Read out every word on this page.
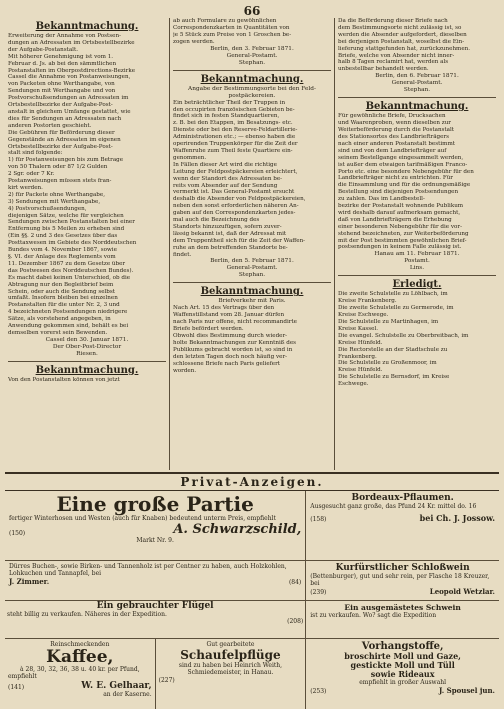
66
Bekanntmachung.
Erweiterung der Annahme von Postsen-
dungen an Adressaten im Ortsbestellbezirke
der Aufgabe-Postanstalt.
Mit höherer Genehmigung ist vom 1.
Februar d. Js. ab bei den sämmtlichen
Postanstalten im Oberpostdirections-Bezirke
Cassel die Annahme von Postanweisungen,
von Packeten ohne Werthangabe, von
Sendungen mit Werthangabe und von
Postvorschußsendungen an Adressaten im
Ortsbestellbezirke der Aufgabe-Post-
anstalt in gleichem Umfange gestattet, wie
dies für Sendungen an Adressaten nach
anderen Postorten geschieht.
Die Gebühren für Beförderung dieser
Gegenstände an Adressaten im eigenen
Ortsbestellbezirke der Aufgabe-Post-
stalt sind folgende:
1) für Postanweisungen bis zum Betrage
von 50 Thalern oder 87 1/2 Gulden
2 Sgr. oder 7 Kr.
Postanweisungen müssen stets fran-
kirt werden.
2) für Packete ohne Werthangabe,
3) Sendungen mit Werthangabe,
4) Postvorschußsendungen,
diejenigen Sätze, welche für vergleichen
Sendungen zwischen Postanstalten bei einer
Entfernung bis 5 Meilen zu erheben sind
(Ein §§. 2 und 3 des Gesetzes über das
Posttaxwesen im Gebiete des Norddeutschen
Bundes vom 4. November 1867, sowie
§. VI. der Anlage des Reglements vom
11. Dezember 1867 zu dem Gesetze über
das Postwesen des Norddeutschen Bundes).
Es macht dabei keinen Unterschied, ob die
Abtragung nur den Begleitbrief beim
Schein, oder auch die Sendung selbst
umfaßt. Insofern bleiben bei einzelnen
Postanstalten für die unter Nr. 2, 3 und
4 bezeichneten Postsendungen niedrigere
Sätze, als vorstehend angegeben, in
Anwendung gekommen sind, behält es bei
demselben vorerst sein Bewenden.
Cassel den 30. Januar 1871.
Der Ober-Post-Director
Riesen.
Bekanntmachung.
Von den Postanstalten können von jetzt
ab auch Formulare zu gewöhnlichen
Correspondenzkarten in Quantitäten von
je 5 Stück zum Preise von 1 Groschen be-
zogen werden.
Berlin, den 3. Februar 1871.
General-Postamt.
Stephan.
Bekanntmachung.
Angabe der Bestimmungsorte bei den Feld-
postpäckereien.
Ein beträchtlicher Theil der Truppen in
den occupirten französischen Gebieten be-
findet sich in festen Standquartieren,
z. B. bei den Etappen, im Besatzungs- etc.
Dienste oder bei den Reserve-Feldartillerie-
Administrationen etc.; — ebenso haben die
operirenden Truppenkörper für die Zeit der
Waffenruhe zum Theil feste Quartiere ein-
genommen.
In Fällen dieser Art wird die richtige
Leitung der Feldpostpäckereien erleichtert,
wenn der Standort des Adressaten be-
reits vom Absender auf der Sendung
vermerkt ist. Das General-Postamt ersucht
deshalb die Absender von Feldpostpäckereien,
neben den sonst erforderlichen näheren An-
gaben auf den Correspondenzkarten jedes-
mal auch die Bezeichnung des
Standorts hinzuzufügen, sofern zuver-
lässig bekannt ist, daß der Adressat mit
dem Truppentheil sich für die Zeit der Waffen-
ruhe an dem betreffenden Standorte be-
findet.
Berlin, den 5. Februar 1871.
General-Postamt.
Stephan.
Bekanntmachung.
Briefverkehr mit Paris.
Nach Art. 15 des Vertrags über den
Waffenstillstand vom 28. Januar dürfen
nach Paris nur offene, nicht recommandirte
Briefe befördert werden.
Obwohl dies Bestimmung durch wieder-
holte Bekanntmachungen zur Kenntniß des
Publikums gebracht worden ist, so sind in
den letzten Tagen doch noch häufig ver-
schlossene Briefe nach Paris geliefert
worden.
Da die Beförderung dieser Briefe nach
dem Bestimmungsorte nicht zulässig ist, so
werden die Absender aufgefordert, dieselben
bei derjenigen Postanstalt, woselbst die Ein-
lieferung stattgefunden hat, zurückzunehmen.
Briefe, welche von Absender nicht inner-
halb 8 Tagen reclamirt hat, werden als
unbestellbar behandelt werden.
Berlin, den 6. Februar 1871.
General-Postamt.
Stephan.
Bekanntmachung.
Für gewöhnliche Briefe, Drucksachen
und Waarenproben, wenn dieselben zur
Weiterbeförderung durch die Postanstalt
des Stationsortes des Landbriefträgers
nach einer anderen Postanstalt bestimmt
sind und von dem Landbriefträger auf
seinem Bestellgange eingesammelt werden,
ist außer dem etwaigen tarifmäßigen Franco-
Porto etc. eine besondere Nebengebühr für den
Landbriefträger nicht zu entrichten. Für
die Einsammlung und für die ordnungsmäßige
Bestellung sind diejenigen Postsendungen
zu zahlen. Das im Landbestell-
bezirke der Postanstalt wohnende Publikum
wird deshalb darauf aufmerksam gemacht,
daß von Landbriefträgern die Erhebung
einer besonderen Nebengebühr für die vor-
stehend bezeichneten, zur Weiterbeförderung
mit der Post bestimmten gewöhnlichen Brief-
postsendungen in keinem Falle zulässig ist.
Hanau am 11. Februar 1871.
Postamt.
Lins.
Erledigt.
Die zweite Schulstelle zu Löhlbach, im
Kreise Frankenberg.
Die zweite Schulstelle zu Germerode, im
Kreise Eschwege.
Die Schulstelle zu Martinhagen, im
Kreise Kassel.
Die evangel. Schulstelle zu Oberbreitbach, im
Kreise Hünfeld.
Die Rectorstelle an der Stadtschule zu
Frankenberg.
Die Schulstelle zu Großenmoor, im
Kreise Hünfeld.
Die Schulstelle zu Bernsdorf, im Kreise
Eschwege.
Privat-Anzeigen.
Eine große Partie
fertiger Winterhosen und Westen (auch für Knaben) bedeutend unterm Preis, empfiehlt
(150)	A. Schwarzschild,
Markt Nr. 9.
Bordeaux-Pflaumen.
Ausgesucht ganz große, das Pfund 24 Kr. mittel do. 16
(158)	bei Ch. J. Jossow.
Dürres Buchen-, sowie Birken- und Tannenholz ist per Centner zu haben, auch Holzkohlen, Lohkuchen und Tannapfel, bei
J. Zimmer.	(84)
Kurfürstlicher Schloßwein
(Bettenburger), gut und sehr rein, per Flasche 18 Kreuzer, bei
(239)	Leopold Wetzlar.
Ein gebrauchter Flügel
steht billig zu verkaufen. Näheres in der Expedition.
(208)
Ein ausgemästetes Schwein
ist zu verkaufen. Wo? sagt die Expedition
Reinschmeckenden
Kaffee,
à 28, 30, 32, 36, 38 u. 40 kr. per Pfund,
empfiehlt
(141)	W. E. Gelhaar,
an der Kaserne.
Gut gearbeitete
Schaufelpflüge
sind zu haben bei Heinrich Weith, Schmiedemeister, in Hanau.
(227)
Vorhangstoffe,
broschirte Moll und Gaze,
gestickte Moll und Tüll
sowie Rideaux
empfiehlt in großer Auswahl
(253)	J. Spousel jun.
